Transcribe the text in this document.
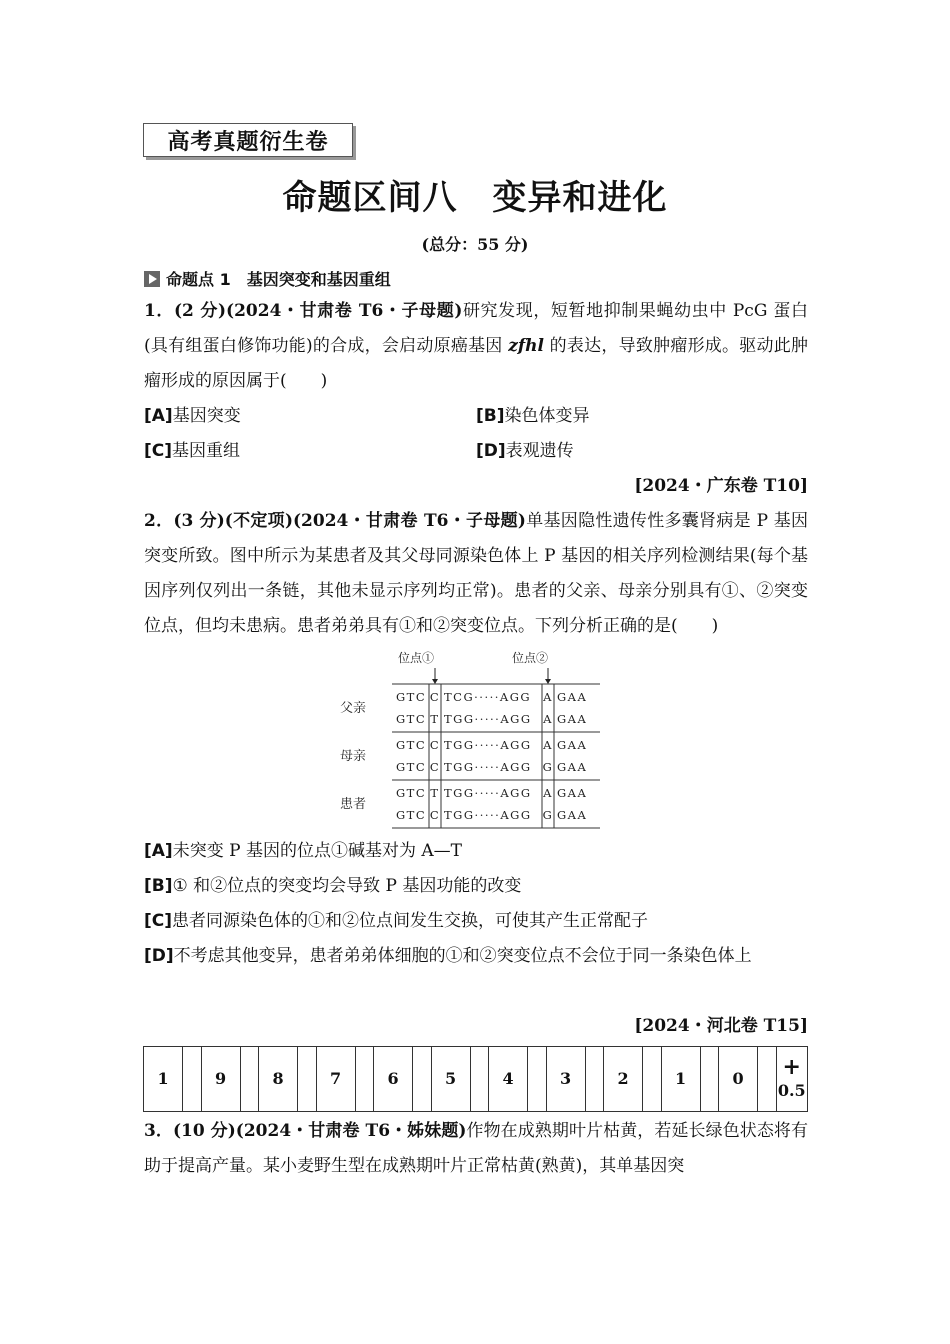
高考真题衍生卷
命题区间八　变异和进化
(总分：55 分)
命题点 1　基因突变和基因重组
1．(2 分)(2024・甘肃卷 T6・子母题)研究发现，短暂地抑制果蝇幼虫中 PcG 蛋白(具有组蛋白修饰功能)的合成，会启动原癌基因 zfhl 的表达，导致肿瘤形成。驱动此肿瘤形成的原因属于(　　)
[A]基因突变	[B]染色体变异
[C]基因重组	[D]表观遗传
[2024・广东卷 T10]
2．(3 分)(不定项)(2024・甘肃卷 T6・子母题)单基因隐性遗传性多囊肾病是 P 基因突变所致。图中所示为某患者及其父母同源染色体上 P 基因的相关序列检测结果(每个基因序列仅列出一条链，其他未显示序列均正常)。患者的父亲、母亲分别具有①、②突变位点，但均未患病。患者弟弟具有①和②突变位点。下列分析正确的是(　　)
位点①	位点②
父亲
GTC C TCG·····AGG A GAA
GTC T TGG·····AGG A GAA
母亲
GTC C TGG·····AGG A GAA
GTC C TGG·····AGG G GAA
患者
GTC T TGG·····AGG A GAA
GTC C TGG·····AGG G GAA
[A]未突变 P 基因的位点①碱基对为 A—T
[B]① 和②位点的突变均会导致 P 基因功能的改变
[C]患者同源染色体的①和②位点间发生交换，可使其产生正常配子
[D]不考虑其他变异，患者弟弟体细胞的①和②突变位点不会位于同一条染色体上
[2024・河北卷 T15]
1		9		8		7		6		5		4		3		2		1		0		+
0.5
3．(10 分)(2024・甘肃卷 T6・姊妹题)作物在成熟期叶片枯黄，若延长绿色状态将有助于提高产量。某小麦野生型在成熟期叶片正常枯黄(熟黄)，其单基因突
